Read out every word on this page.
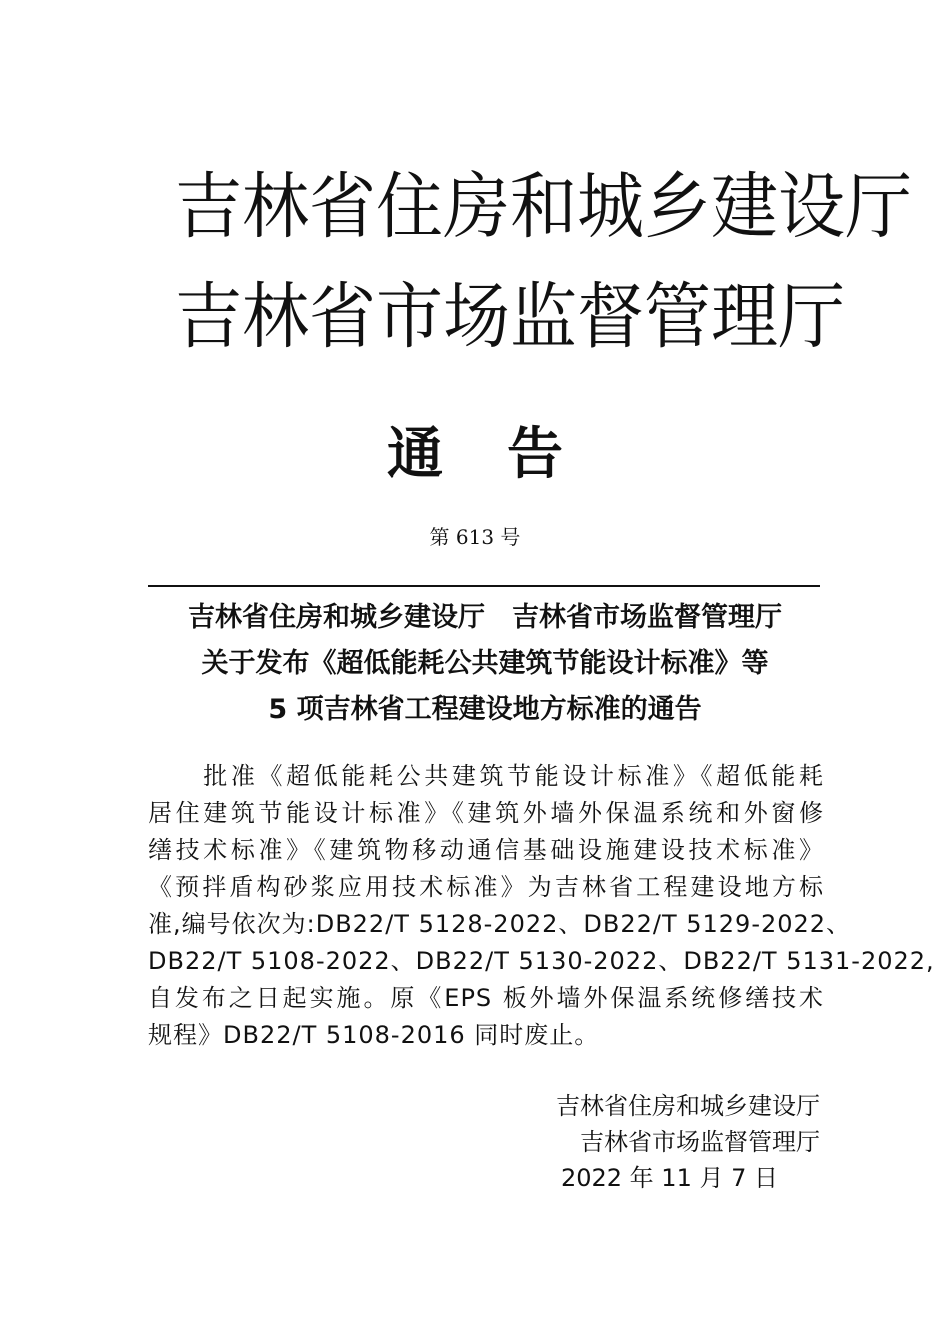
吉 林 省 住 房 和 城 乡 建 设 厅
吉 林 省 市 场 监 督 管 理 厅
通告
第 613 号
吉林省住房和城乡建设厅　吉林省市场监督管理厅
关于发布《超低能耗公共建筑节能设计标准》等
5 项吉林省工程建设地方标准的通告
　　批准《超低能耗公共建筑节能设计标准》《超低能耗
居住建筑节能设计标准》《建筑外墙外保温系统和外窗修
缮技术标准》《建筑物移动通信基础设施建设技术标准》
《预拌盾构砂浆应用技术标准》为吉林省工程建设地方标
准,编号依次为:DB22/T 5128-2022、DB22/T 5129-2022、
DB22/T 5108-2022、DB22/T 5130-2022、DB22/T 5131-2022,
自发布之日起实施。原《EPS 板外墙外保温系统修缮技术
规程》DB22/T 5108-2016 同时废止。
吉林省住房和城乡建设厅
吉林省市场监督管理厅
2022 年 11 月 7 日
